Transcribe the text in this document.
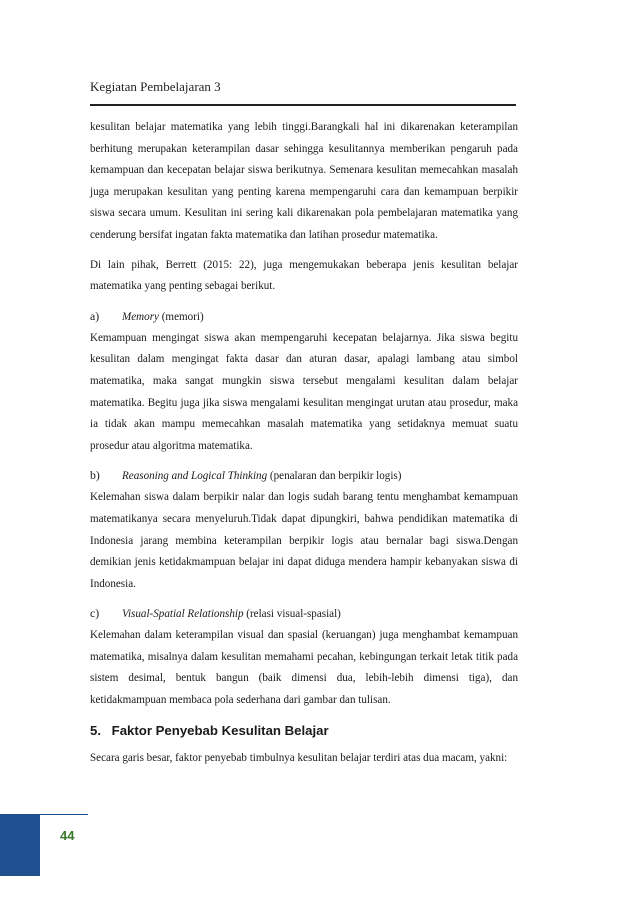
Kegiatan Pembelajaran 3

kesulitan belajar matematika yang lebih tinggi.Barangkali hal ini dikarenakan keterampilan berhitung merupakan keterampilan dasar sehingga kesulitannya memberikan pengaruh pada kemampuan dan kecepatan belajar siswa berikutnya. Semenara kesulitan memecahkan masalah juga merupakan kesulitan yang penting karena mempengaruhi cara dan kemampuan berpikir siswa secara umum. Kesulitan ini sering kali dikarenakan pola pembelajaran matematika yang cenderung bersifat ingatan fakta matematika dan latihan prosedur matematika.

Di lain pihak, Berrett (2015: 22), juga mengemukakan beberapa jenis kesulitan belajar matematika yang penting sebagai berikut.

a)	Memory (memori)

Kemampuan mengingat siswa akan mempengaruhi kecepatan belajarnya. Jika siswa begitu kesulitan dalam mengingat fakta dasar dan aturan dasar, apalagi lambang atau simbol matematika, maka sangat mungkin siswa tersebut mengalami kesulitan dalam belajar matematika. Begitu juga jika siswa mengalami kesulitan mengingat urutan atau prosedur, maka ia tidak akan mampu memecahkan masalah matematika yang setidaknya memuat suatu prosedur atau algoritma matematika.

b)	Reasoning and Logical Thinking (penalaran dan berpikir logis)

Kelemahan siswa dalam berpikir nalar dan logis sudah barang tentu menghambat kemampuan matematikanya secara menyeluruh.Tidak dapat dipungkiri, bahwa pendidikan matematika di Indonesia jarang membina keterampilan berpikir logis atau bernalar bagi siswa.Dengan demikian jenis ketidakmampuan belajar ini dapat diduga mendera hampir kebanyakan siswa di Indonesia.

c)	Visual-Spatial Relationship (relasi visual-spasial)

Kelemahan dalam keterampilan visual dan spasial (keruangan) juga menghambat kemampuan matematika, misalnya dalam kesulitan memahami pecahan, kebingungan terkait letak titik pada sistem desimal, bentuk bangun (baik dimensi dua, lebih-lebih dimensi tiga), dan ketidakmampuan membaca pola sederhana dari gambar dan tulisan.

5. Faktor Penyebab Kesulitan Belajar

Secara garis besar, faktor penyebab timbulnya kesulitan belajar terdiri atas dua macam, yakni:

44
